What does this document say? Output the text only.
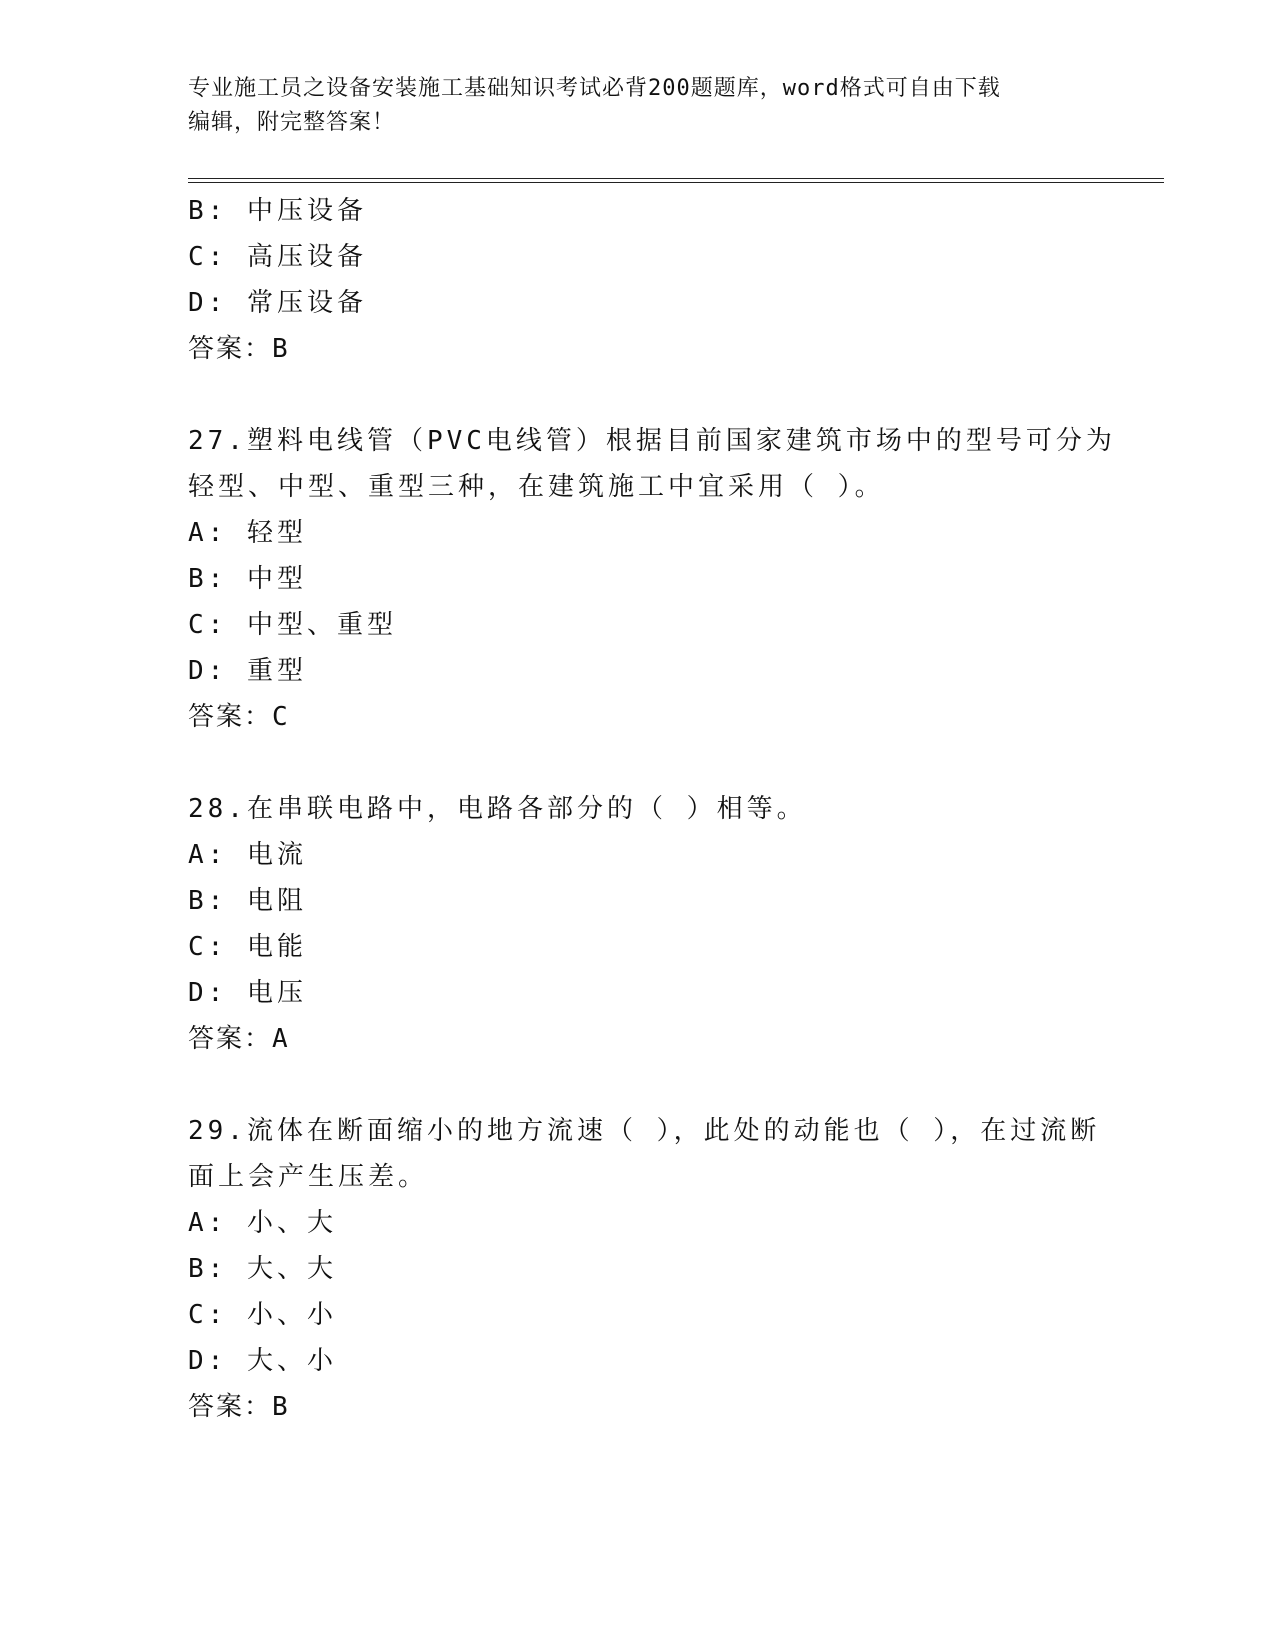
专业施工员之设备安装施工基础知识考试必背200题题库，word格式可自由下载
编辑，附完整答案！
B: 中压设备
C: 高压设备
D: 常压设备
答案：B
27.塑料电线管（PVC电线管）根据目前国家建筑市场中的型号可分为
轻型、中型、重型三种，在建筑施工中宜采用（ ）。
A: 轻型
B: 中型
C: 中型、重型
D: 重型
答案：C
28.在串联电路中，电路各部分的（ ）相等。
A: 电流
B: 电阻
C: 电能
D: 电压
答案：A
29.流体在断面缩小的地方流速（ ），此处的动能也（ ），在过流断
面上会产生压差。
A: 小、大
B: 大、大
C: 小、小
D: 大、小
答案：B
